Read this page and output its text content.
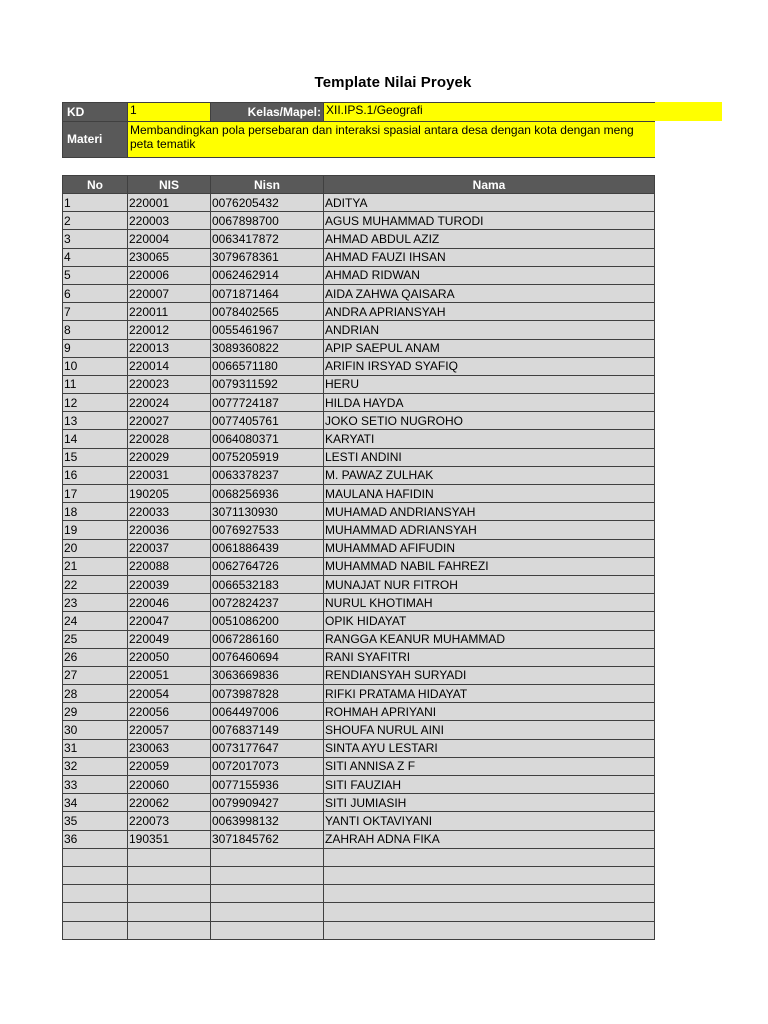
Template Nilai Proyek
KD	1	Kelas/Mapel:	XII.IPS.1/Geografi
Materi	Membandingkan pola persebaran dan interaksi spasial antara desa dengan kota dengan meng peta tematik		
No	NIS	Nisn	Nama
1	220001	0076205432	ADITYA
2	220003	0067898700	AGUS MUHAMMAD TURODI
3	220004	0063417872	AHMAD ABDUL AZIZ
4	230065	3079678361	AHMAD FAUZI IHSAN
5	220006	0062462914	AHMAD RIDWAN
6	220007	0071871464	AIDA ZAHWA QAISARA
7	220011	0078402565	ANDRA APRIANSYAH
8	220012	0055461967	ANDRIAN
9	220013	3089360822	APIP SAEPUL ANAM
10	220014	0066571180	ARIFIN IRSYAD SYAFIQ
11	220023	0079311592	HERU
12	220024	0077724187	HILDA HAYDA
13	220027	0077405761	JOKO SETIO NUGROHO
14	220028	0064080371	KARYATI
15	220029	0075205919	LESTI ANDINI
16	220031	0063378237	M. PAWAZ ZULHAK
17	190205	0068256936	MAULANA HAFIDIN
18	220033	3071130930	MUHAMAD ANDRIANSYAH
19	220036	0076927533	MUHAMMAD ADRIANSYAH
20	220037	0061886439	MUHAMMAD AFIFUDIN
21	220088	0062764726	MUHAMMAD NABIL FAHREZI
22	220039	0066532183	MUNAJAT NUR FITROH
23	220046	0072824237	NURUL KHOTIMAH
24	220047	0051086200	OPIK HIDAYAT
25	220049	0067286160	RANGGA KEANUR MUHAMMAD
26	220050	0076460694	RANI SYAFITRI
27	220051	3063669836	RENDIANSYAH SURYADI
28	220054	0073987828	RIFKI PRATAMA HIDAYAT
29	220056	0064497006	ROHMAH APRIYANI
30	220057	0076837149	SHOUFA NURUL AINI
31	230063	0073177647	SINTA AYU LESTARI
32	220059	0072017073	SITI ANNISA Z F
33	220060	0077155936	SITI FAUZIAH
34	220062	0079909427	SITI JUMIASIH
35	220073	0063998132	YANTI OKTAVIYANI
36	190351	3071845762	ZAHRAH ADNA FIKA
